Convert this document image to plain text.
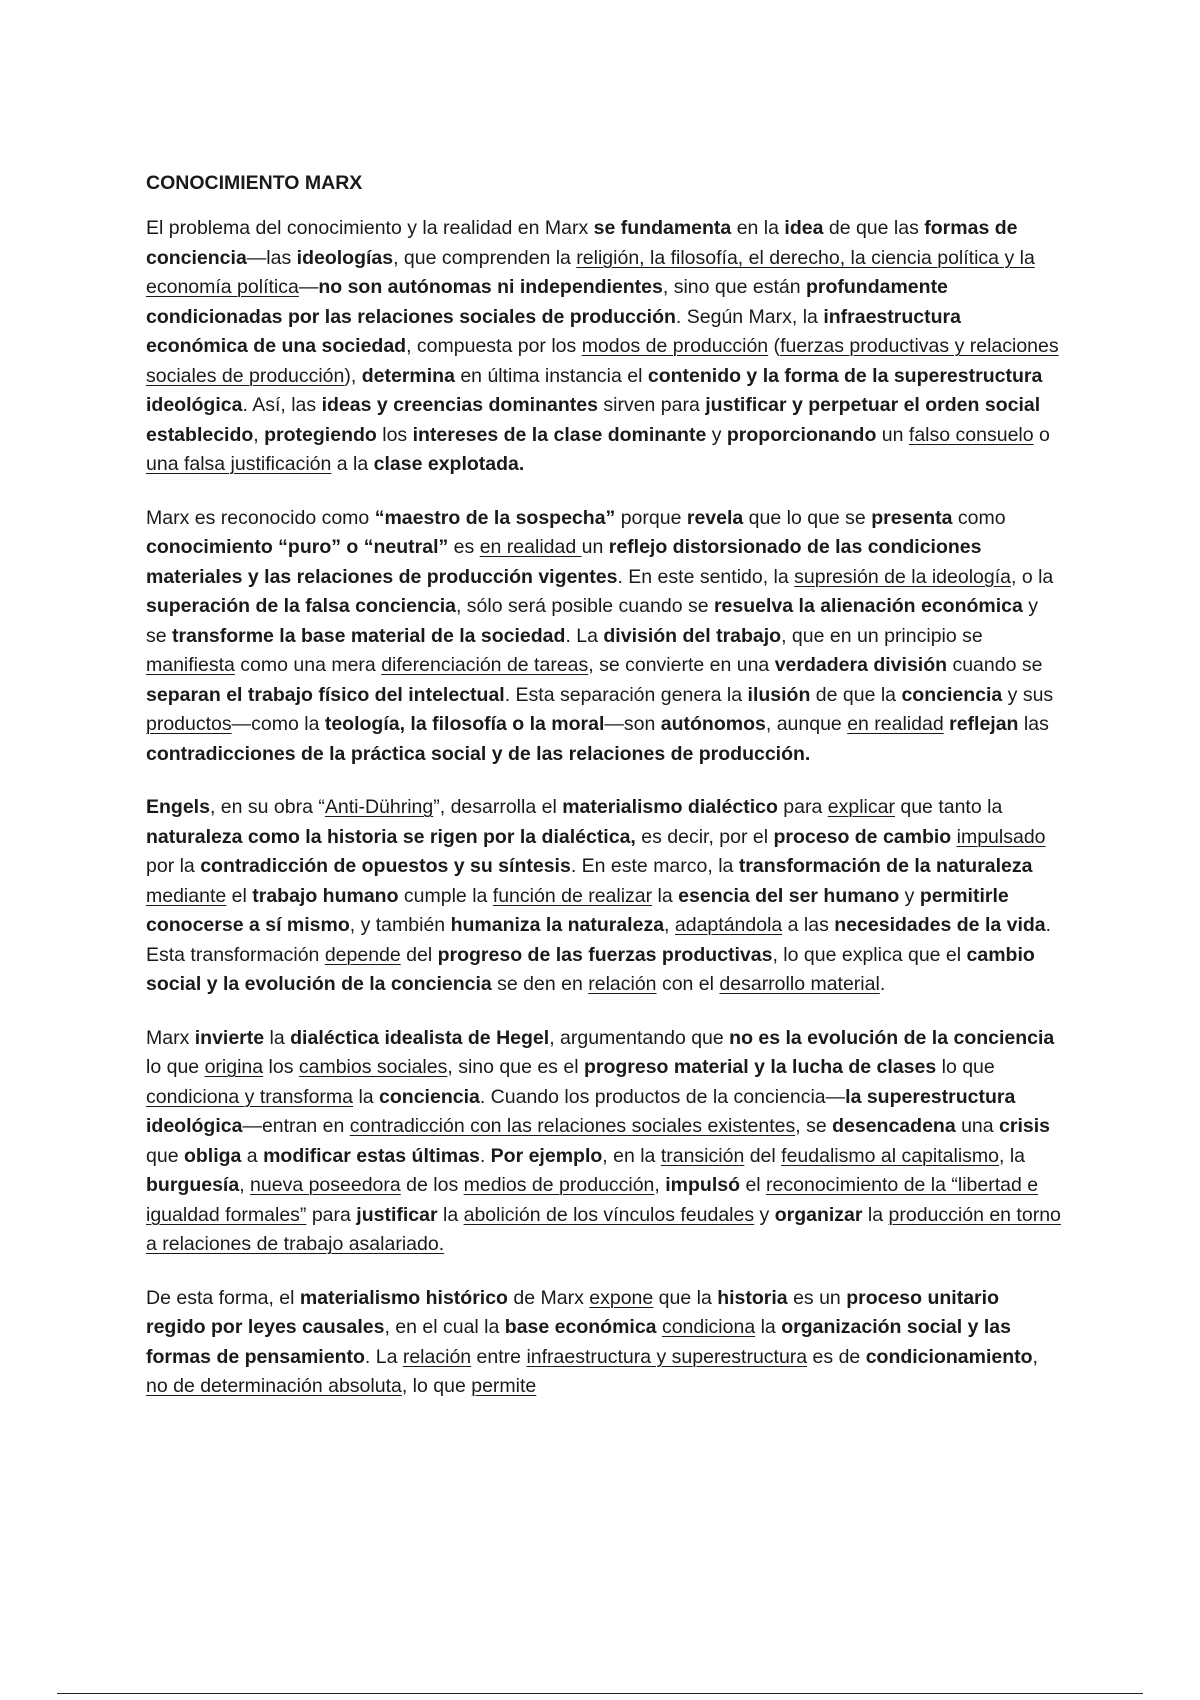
CONOCIMIENTO MARX

El problema del conocimiento y la realidad en Marx se fundamenta en la idea de que las formas de conciencia—las ideologías, que comprenden la religión, la filosofía, el derecho, la ciencia política y la economía política—no son autónomas ni independientes, sino que están profundamente condicionadas por las relaciones sociales de producción. Según Marx, la infraestructura económica de una sociedad, compuesta por los modos de producción (fuerzas productivas y relaciones sociales de producción), determina en última instancia el contenido y la forma de la superestructura ideológica. Así, las ideas y creencias dominantes sirven para justificar y perpetuar el orden social establecido, protegiendo los intereses de la clase dominante y proporcionando un falso consuelo o una falsa justificación a la clase explotada.

Marx es reconocido como “maestro de la sospecha” porque revela que lo que se presenta como conocimiento “puro” o “neutral” es en realidad un reflejo distorsionado de las condiciones materiales y las relaciones de producción vigentes. En este sentido, la supresión de la ideología, o la superación de la falsa conciencia, sólo será posible cuando se resuelva la alienación económica y se transforme la base material de la sociedad. La división del trabajo, que en un principio se manifiesta como una mera diferenciación de tareas, se convierte en una verdadera división cuando se separan el trabajo físico del intelectual. Esta separación genera la ilusión de que la conciencia y sus productos—como la teología, la filosofía o la moral—son autónomos, aunque en realidad reflejan las contradicciones de la práctica social y de las relaciones de producción.

Engels, en su obra “Anti-Dühring”, desarrolla el materialismo dialéctico para explicar que tanto la naturaleza como la historia se rigen por la dialéctica, es decir, por el proceso de cambio impulsado por la contradicción de opuestos y su síntesis. En este marco, la transformación de la naturaleza mediante el trabajo humano cumple la función de realizar la esencia del ser humano y permitirle conocerse a sí mismo, y también humaniza la naturaleza, adaptándola a las necesidades de la vida. Esta transformación depende del progreso de las fuerzas productivas, lo que explica que el cambio social y la evolución de la conciencia se den en relación con el desarrollo material.

Marx invierte la dialéctica idealista de Hegel, argumentando que no es la evolución de la conciencia lo que origina los cambios sociales, sino que es el progreso material y la lucha de clases lo que condiciona y transforma la conciencia. Cuando los productos de la conciencia—la superestructura ideológica—entran en contradicción con las relaciones sociales existentes, se desencadena una crisis que obliga a modificar estas últimas. Por ejemplo, en la transición del feudalismo al capitalismo, la burguesía, nueva poseedora de los medios de producción, impulsó el reconocimiento de la “libertad e igualdad formales” para justificar la abolición de los vínculos feudales y organizar la producción en torno a relaciones de trabajo asalariado.

De esta forma, el materialismo histórico de Marx expone que la historia es un proceso unitario regido por leyes causales, en el cual la base económica condiciona la organización social y las formas de pensamiento. La relación entre infraestructura y superestructura es de condicionamiento, no de determinación absoluta, lo que permite
